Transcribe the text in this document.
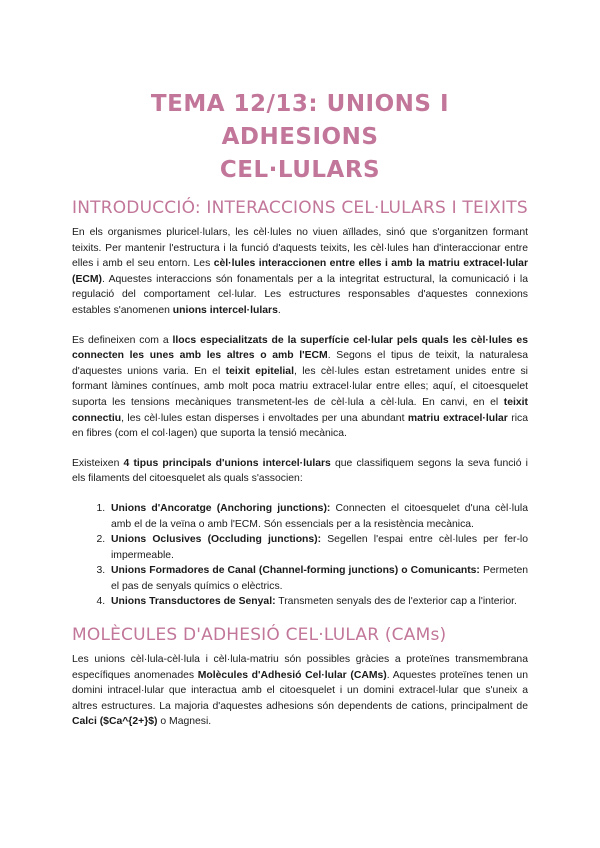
TEMA 12/13: UNIONS I ADHESIONS
CEL·LULARS
INTRODUCCIÓ: INTERACCIONS CEL·LULARS I TEIXITS

En els organismes pluricel·lulars, les cèl·lules no viuen aïllades, sinó que s'organitzen formant teixits. Per mantenir l'estructura i la funció d'aquests teixits, les cèl·lules han d'interaccionar entre elles i amb el seu entorn. Les cèl·lules interaccionen entre elles i amb la matriu extracel·lular (ECM). Aquestes interaccions són fonamentals per a la integritat estructural, la comunicació i la regulació del comportament cel·lular. Les estructures responsables d'aquestes connexions estables s'anomenen unions intercel·lulars.

Es defineixen com a llocs especialitzats de la superfície cel·lular pels quals les cèl·lules es connecten les unes amb les altres o amb l'ECM. Segons el tipus de teixit, la naturalesa d'aquestes unions varia. En el teixit epitelial, les cèl·lules estan estretament unides entre si formant làmines contínues, amb molt poca matriu extracel·lular entre elles; aquí, el citoesquelet suporta les tensions mecàniques transmetent-les de cèl·lula a cèl·lula. En canvi, en el teixit connectiu, les cèl·lules estan disperses i envoltades per una abundant matriu extracel·lular rica en fibres (com el col·lagen) que suporta la tensió mecànica.

Existeixen 4 tipus principals d'unions intercel·lulars que classifiquem segons la seva funció i els filaments del citoesquelet als quals s'associen:

1. Unions d'Ancoratge (Anchoring junctions): Connecten el citoesquelet d'una cèl·lula amb el de la veïna o amb l'ECM. Són essencials per a la resistència mecànica.
2. Unions Oclusives (Occluding junctions): Segellen l'espai entre cèl·lules per fer-lo impermeable.
3. Unions Formadores de Canal (Channel-forming junctions) o Comunicants: Permeten el pas de senyals químics o elèctrics.
4. Unions Transductores de Senyal: Transmeten senyals des de l'exterior cap a l'interior.
MOLÈCULES D'ADHESIÓ CEL·LULAR (CAMs)

Les unions cèl·lula-cèl·lula i cèl·lula-matriu són possibles gràcies a proteïnes transmembrana específiques anomenades Molècules d'Adhesió Cel·lular (CAMs). Aquestes proteïnes tenen un domini intracel·lular que interactua amb el citoesquelet i un domini extracel·lular que s'uneix a altres estructures. La majoria d'aquestes adhesions són dependents de cations, principalment de Calci ($Ca^{2+}$) o Magnesi.
